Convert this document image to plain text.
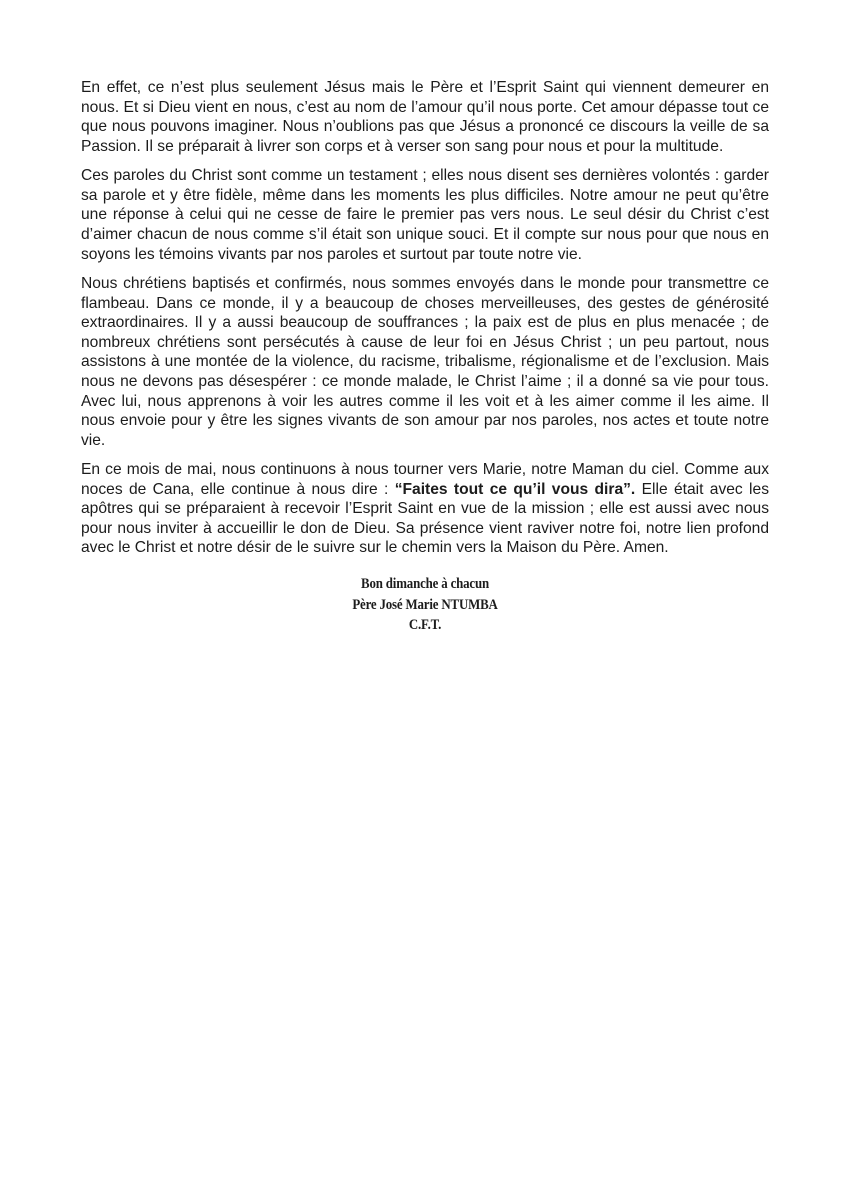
En effet, ce n’est plus seulement Jésus mais le Père et l’Esprit Saint qui viennent demeurer en nous. Et si Dieu vient en nous, c’est au nom de l’amour qu’il nous porte. Cet amour dépasse tout ce que nous pouvons imaginer. Nous n’oublions pas que Jésus a prononcé ce discours la veille de sa Passion. Il se préparait à livrer son corps et à verser son sang pour nous et pour la multitude.

Ces paroles du Christ sont comme un testament ; elles nous disent ses dernières volontés : garder sa parole et y être fidèle, même dans les moments les plus difficiles. Notre amour ne peut qu’être une réponse à celui qui ne cesse de faire le premier pas vers nous. Le seul désir du Christ c’est d’aimer chacun de nous comme s’il était son unique souci. Et il compte sur nous pour que nous en soyons les témoins vivants par nos paroles et surtout par toute notre vie.

Nous chrétiens baptisés et confirmés, nous sommes envoyés dans le monde pour transmettre ce flambeau. Dans ce monde, il y a beaucoup de choses merveilleuses, des gestes de générosité extraordinaires. Il y a aussi beaucoup de souffrances ; la paix est de plus en plus menacée ; de nombreux chrétiens sont persécutés à cause de leur foi en Jésus Christ ; un peu partout, nous assistons à une montée de la violence, du racisme, tribalisme, régionalisme et de l’exclusion. Mais nous ne devons pas désespérer : ce monde malade, le Christ l’aime ; il a donné sa vie pour tous. Avec lui, nous apprenons à voir les autres comme il les voit et à les aimer comme il les aime. Il nous envoie pour y être les signes vivants de son amour par nos paroles, nos actes et toute notre vie.

En ce mois de mai, nous continuons à nous tourner vers Marie, notre Maman du ciel. Comme aux noces de Cana, elle continue à nous dire : “Faites tout ce qu’il vous dira”. Elle était avec les apôtres qui se préparaient à recevoir l’Esprit Saint en vue de la mission ; elle est aussi avec nous pour nous inviter à accueillir le don de Dieu. Sa présence vient raviver notre foi, notre lien profond avec le Christ et notre désir de le suivre sur le chemin vers la Maison du Père. Amen.

Bon dimanche à chacun
Père José Marie NTUMBA
C.F.T.
